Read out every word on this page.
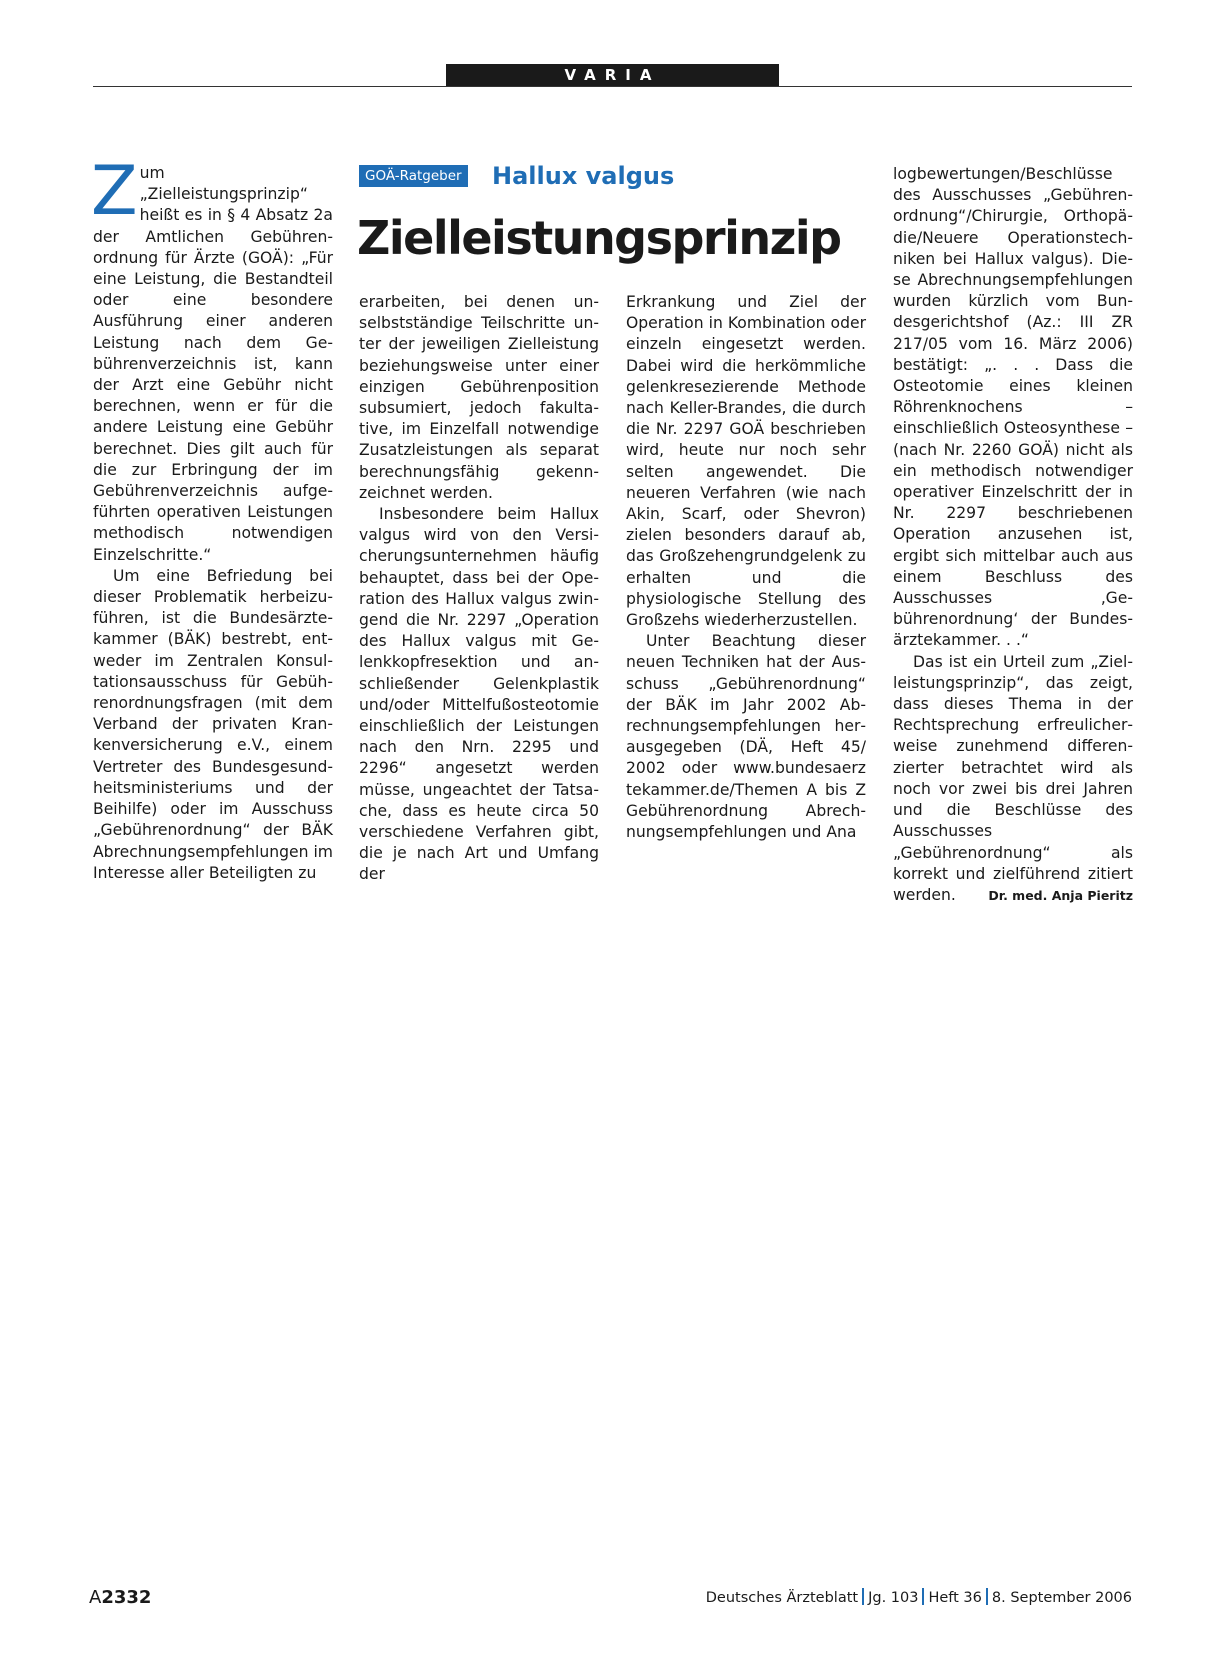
VARIA
GOÄ-Ratgeber Hallux valgus
Zielleistungsprinzip
Z um „Zielleistungsprinzip“ heißt es in § 4 Absatz 2a der Amtlichen Gebührenordnung für Ärzte (GOÄ): „Für eine Leistung, die Bestandteil oder eine besondere Ausführung einer anderen Leistung nach dem Gebührenverzeichnis ist, kann der Arzt eine Gebühr nicht berechnen, wenn er für die andere Leistung eine Gebühr berechnet. Dies gilt auch für die zur Erbringung der im Gebührenverzeichnis aufgeführten operativen Leistungen methodisch notwendigen Einzelschritte.“

Um eine Befriedung bei dieser Problematik herbeizuführen, ist die Bundesärztekammer (BÄK) bestrebt, entweder im Zentralen Konsultationsausschuss für Gebührenordnungsfragen (mit dem Verband der privaten Krankenversicherung e.V., einem Vertreter des Bundesgesundheitsministeriums und der Beihilfe) oder im Ausschuss „Gebührenordnung“ der BÄK Abrechnungsempfehlungen im Interesse aller Beteiligten zu

erarbeiten, bei denen unselbstständige Teilschritte unter der jeweiligen Zielleistung beziehungsweise unter einer einzigen Gebührenposition subsumiert, jedoch fakultative, im Einzelfall notwendige Zusatzleistungen als separat berechnungsfähig gekennzeichnet werden.

Insbesondere beim Hallux valgus wird von den Versicherungsunternehmen häufig behauptet, dass bei der Operation des Hallux valgus zwingend die Nr. 2297 „Operation des Hallux valgus mit Gelenkkopfresektion und anschließender Gelenkplastik und/oder Mittelfußosteotomie einschließlich der Leistungen nach den Nrn. 2295 und 2296“ angesetzt werden müsse, ungeachtet der Tatsache, dass es heute circa 50 verschiedene Verfahren gibt, die je nach Art und Umfang der

Erkrankung und Ziel der Operation in Kombination oder einzeln eingesetzt werden. Dabei wird die herkömmliche gelenkresezierende Methode nach Keller-Brandes, die durch die Nr. 2297 GOÄ beschrieben wird, heute nur noch sehr selten angewendet. Die neueren Verfahren (wie nach Akin, Scarf, oder Shevron) zielen besonders darauf ab, das Großzehengrundgelenk zu erhalten und die physiologische Stellung des Großzehs wiederherzustellen.

Unter Beachtung dieser neuen Techniken hat der Ausschuss „Gebührenordnung“ der BÄK im Jahr 2002 Abrechnungsempfehlungen herausgegeben (DÄ, Heft 45/ 2002 oder www.bundesaerz tekammer.de/Themen A bis Z Gebührenordnung Abrechnungsempfehlungen und Ana

logbewertungen/Beschlüsse des Ausschusses „Gebührenordnung“/Chirurgie, Orthopädie/Neuere Operationstechniken bei Hallux valgus). Diese Abrechnungsempfehlungen wurden kürzlich vom Bundesgerichtshof (Az.: III ZR 217/05 vom 16. März 2006) bestätigt: „. . . Dass die Osteotomie eines kleinen Röhrenknochens – einschließlich Osteosynthese – (nach Nr. 2260 GOÄ) nicht als ein methodisch notwendiger operativer Einzelschritt der in Nr. 2297 beschriebenen Operation anzusehen ist, ergibt sich mittelbar auch aus einem Beschluss des Ausschusses ‚Gebührenordnung‘ der Bundesärztekammer. . .“

Das ist ein Urteil zum „Zielleistungsprinzip“, das zeigt, dass dieses Thema in der Rechtsprechung erfreulicherweise zunehmend differenzierter betrachtet wird als noch vor zwei bis drei Jahren und die Beschlüsse des Ausschusses „Gebührenordnung“ als korrekt und zielführend zitiert werden.	Dr. med. Anja Pieritz

A2332	Deutsches Ärzteblatt Jg. 103 Heft 36 8. September 2006
